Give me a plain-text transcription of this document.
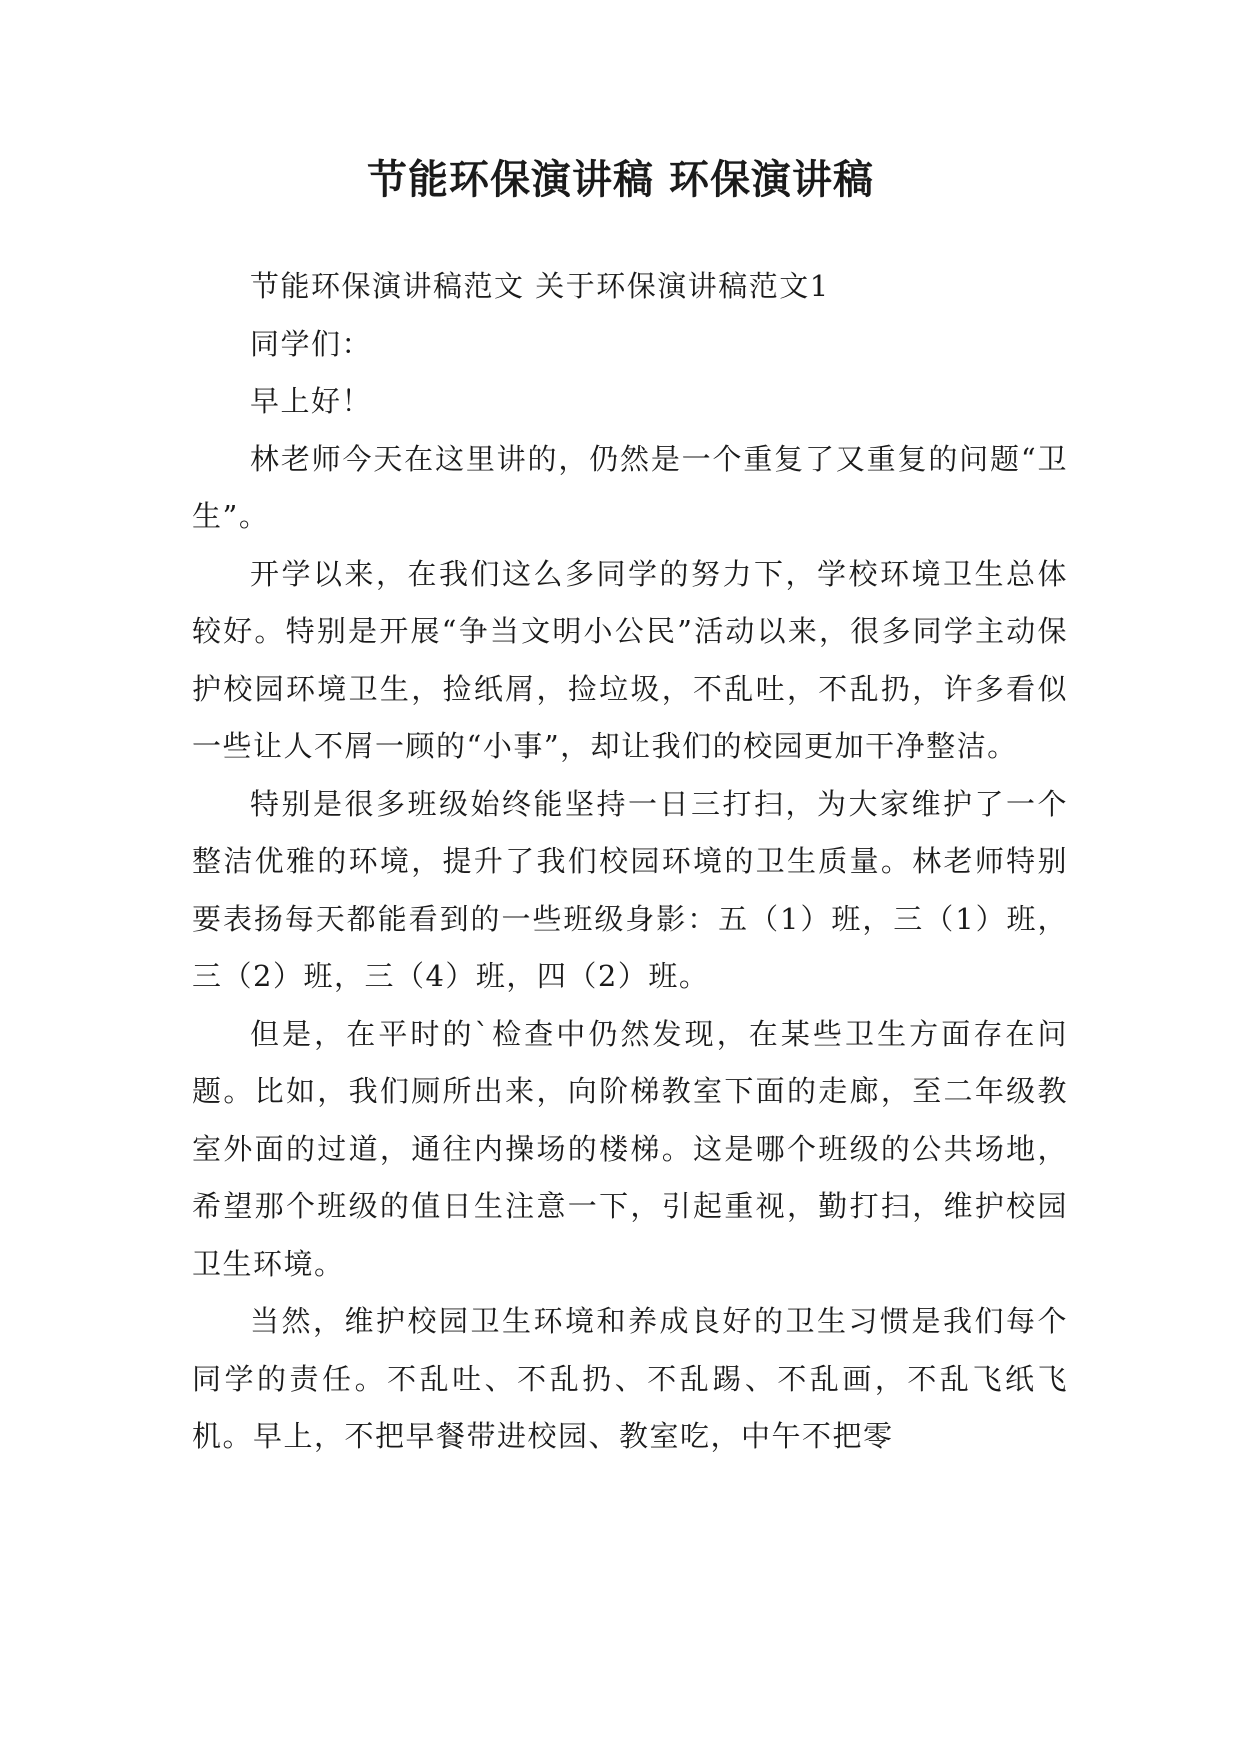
节能环保演讲稿 环保演讲稿

节能环保演讲稿范文 关于环保演讲稿范文1

同学们：

早上好！

林老师今天在这里讲的，仍然是一个重复了又重复的问题“卫生”。

开学以来，在我们这么多同学的努力下，学校环境卫生总体较好。特别是开展“争当文明小公民”活动以来，很多同学主动保护校园环境卫生，捡纸屑，捡垃圾，不乱吐，不乱扔，许多看似一些让人不屑一顾的“小事”，却让我们的校园更加干净整洁。

特别是很多班级始终能坚持一日三打扫，为大家维护了一个整洁优雅的环境，提升了我们校园环境的卫生质量。林老师特别要表扬每天都能看到的一些班级身影：五（1）班，三（1）班，三（2）班，三（4）班，四（2）班。

但是，在平时的`检查中仍然发现，在某些卫生方面存在问题。比如，我们厕所出来，向阶梯教室下面的走廊，至二年级教室外面的过道，通往内操场的楼梯。这是哪个班级的公共场地，希望那个班级的值日生注意一下，引起重视，勤打扫，维护校园卫生环境。

当然，维护校园卫生环境和养成良好的卫生习惯是我们每个同学的责任。不乱吐、不乱扔、不乱踢、不乱画，不乱飞纸飞机。早上，不把早餐带进校园、教室吃，中午不把零
